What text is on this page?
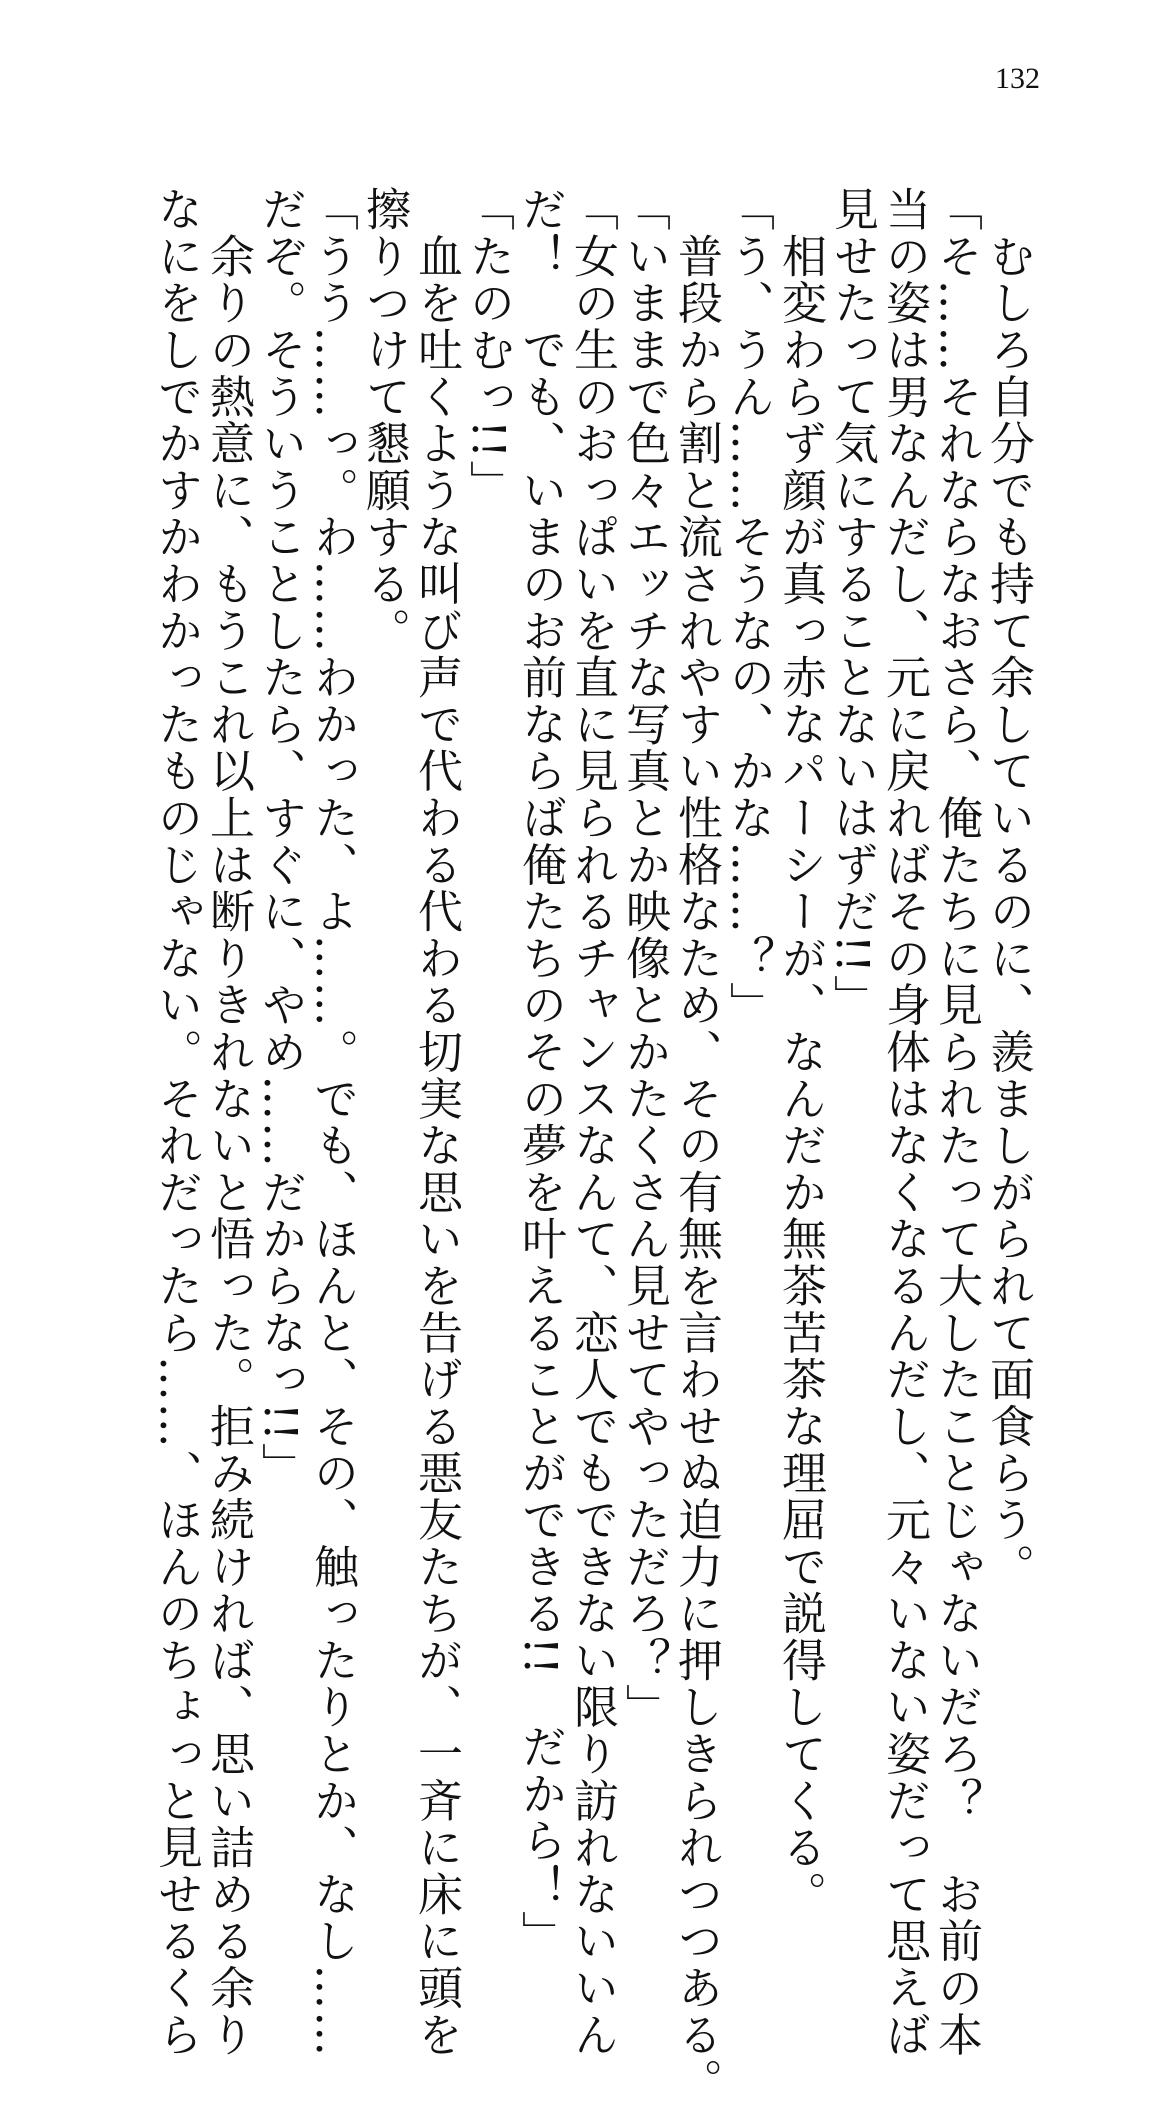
132
　むしろ自分でも持て余しているのに、羨ましがられて面食らう。
「そ……それならなおさら、俺たちに見られたって大したことじゃないだろ？　お前の本
当の姿は男なんだし、元に戻ればその身体はなくなるんだし、元々いない姿だって思えば
見せたって気にすることないはずだ!!」
　相変わらず顔が真っ赤なパーシーが、なんだか無茶苦茶な理屈で説得してくる。
「う、うん……そうなの、かな……？」
　普段から割と流されやすい性格なため、その有無を言わせぬ迫力に押しきられつつある。
「いままで色々エッチな写真とか映像とかたくさん見せてやっただろ？」
「女の生のおっぱいを直に見られるチャンスなんて、恋人でもできない限り訪れないいん
だ！　でも、いまのお前ならば俺たちのその夢を叶えることができる!!　だから！」
「たのむっ!!」
　血を吐くような叫び声で代わる代わる切実な思いを告げる悪友たちが、一斉に床に頭を
擦りつけて懇願する。
「うう……っ。わ……わかった、よ……。でも、ほんと、その、触ったりとか、なし……
だぞ。そういうことしたら、すぐに、やめ……だからなっ!!」
　余りの熱意に、もうこれ以上は断りきれないと悟った。拒み続ければ、思い詰める余り
なにをしでかすかわかったものじゃない。それだったら……、ほんのちょっと見せるくら
